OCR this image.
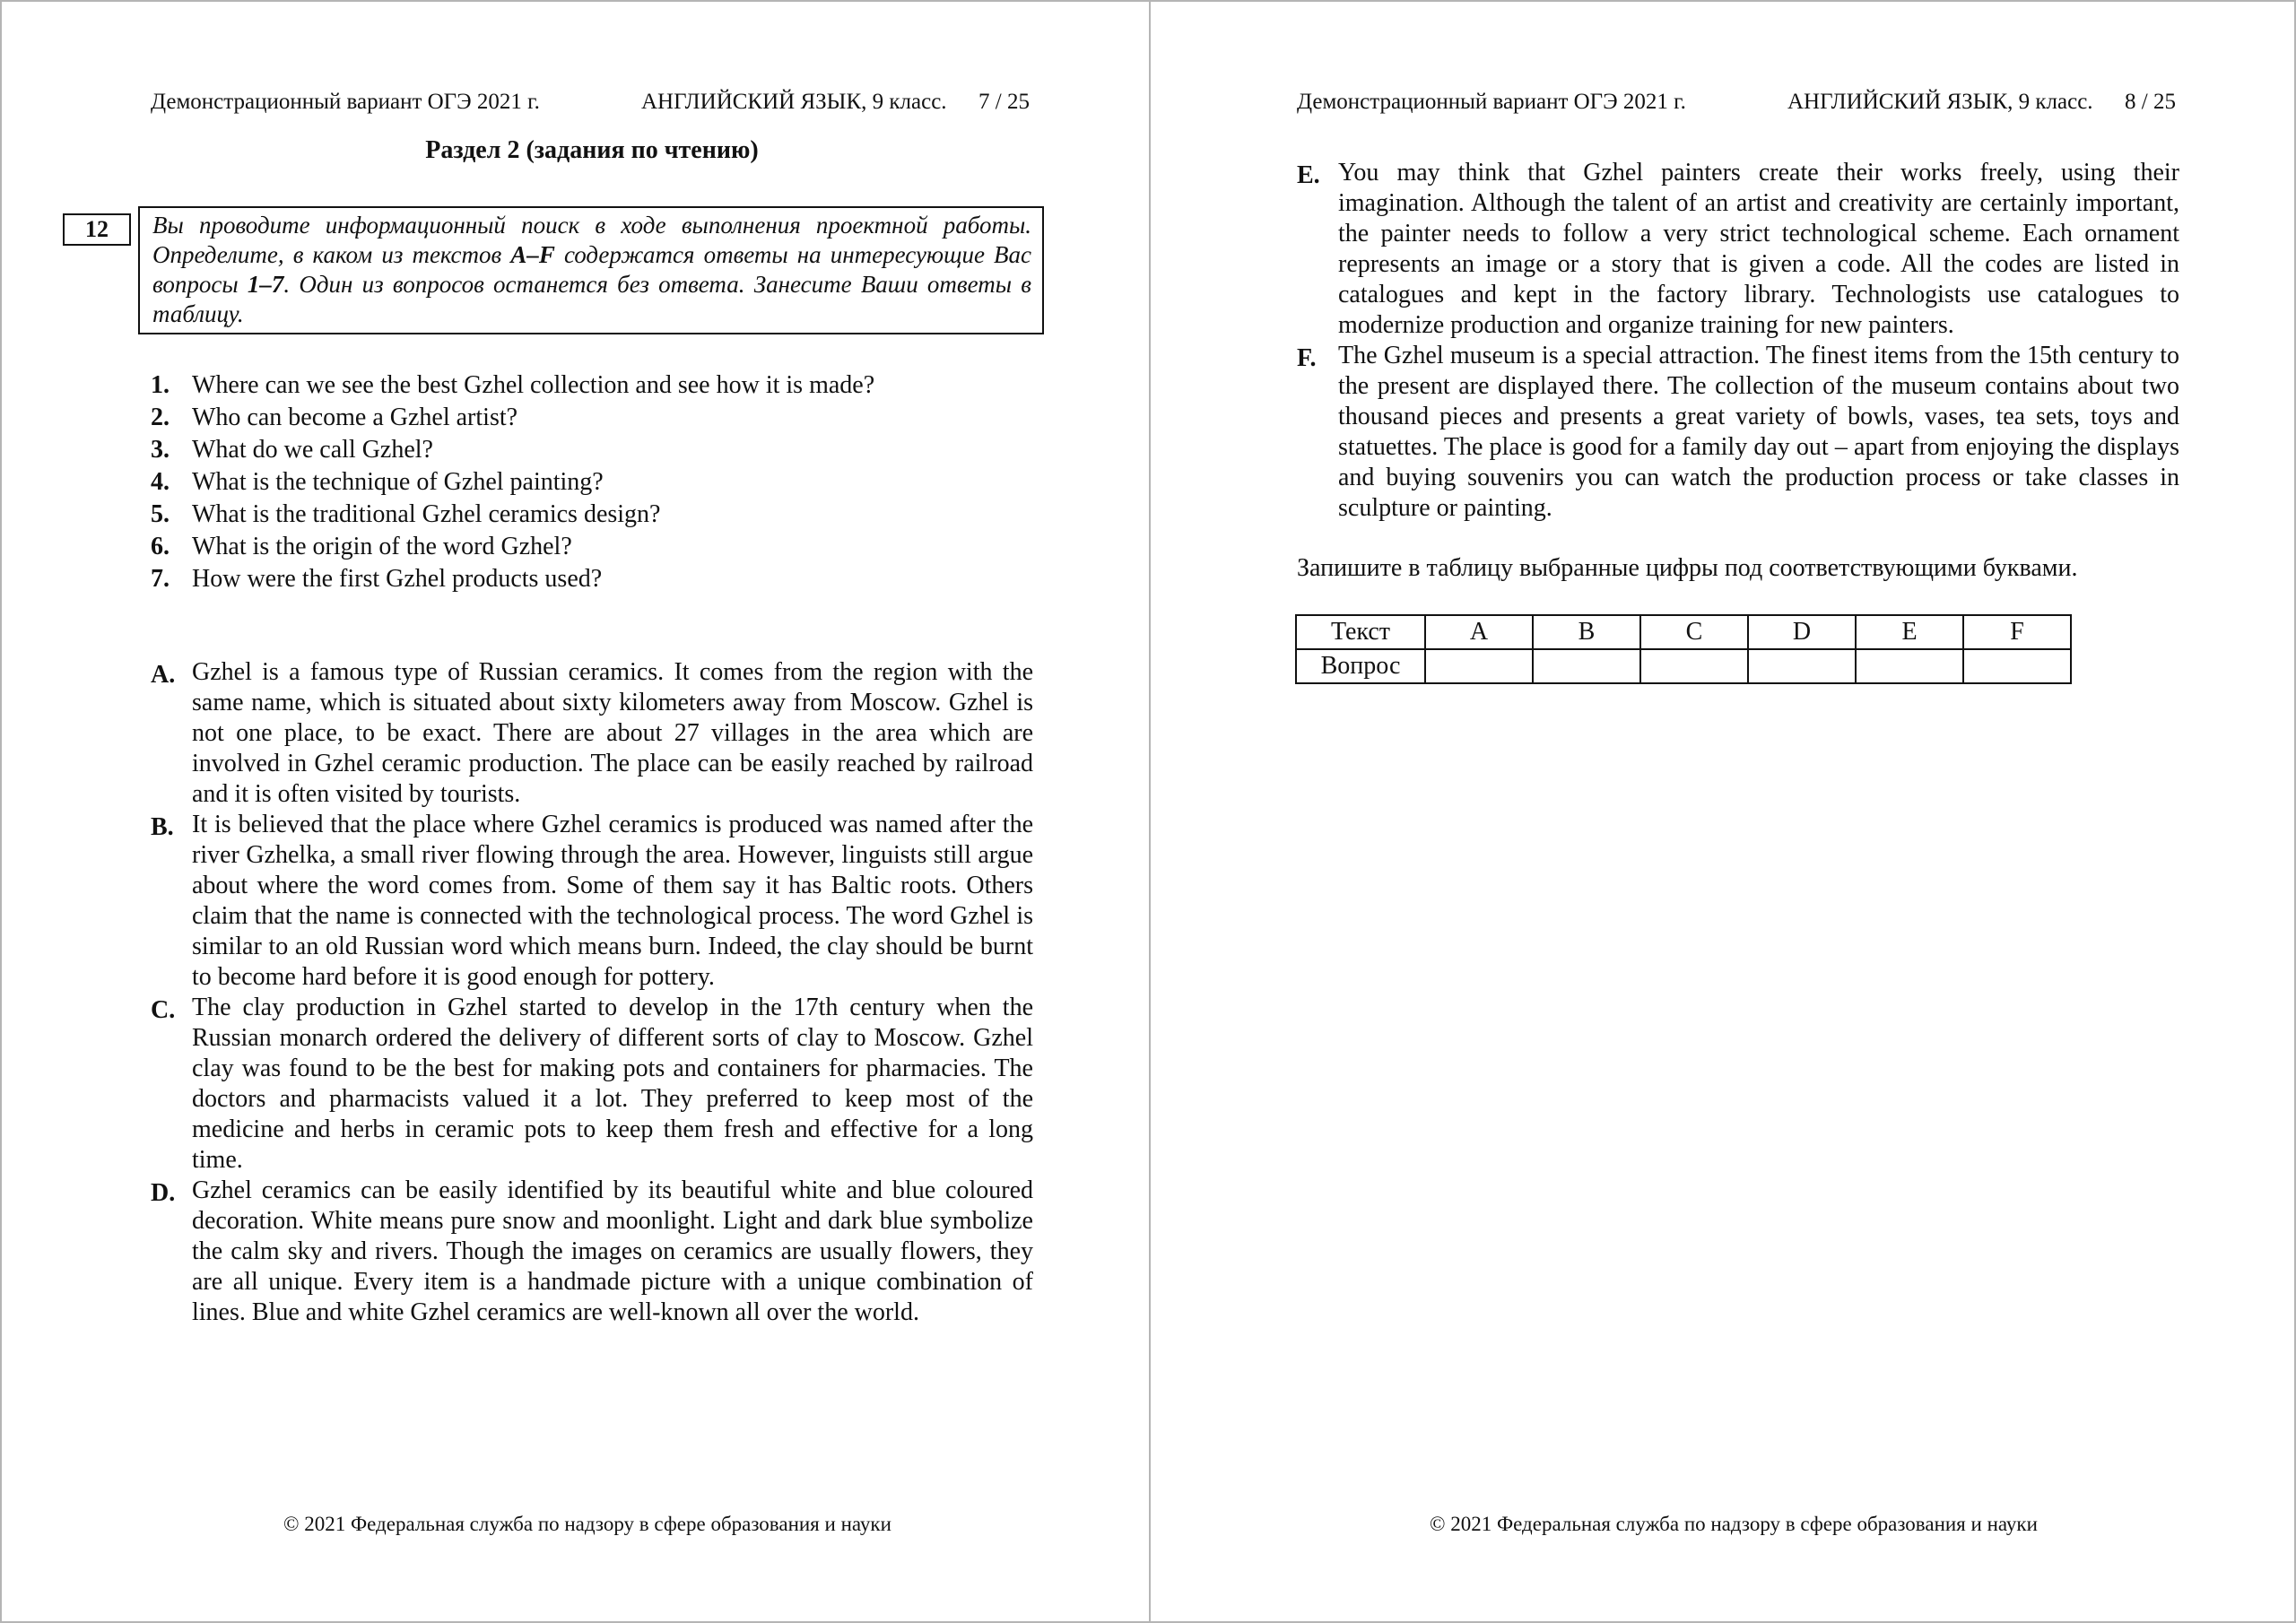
Демонстрационный вариант ОГЭ 2021 г.	АНГЛИЙСКИЙ ЯЗЫК, 9 класс. 7 / 25
Раздел 2 (задания по чтению)
12	Вы проводите информационный поиск в ходе выполнения проектной работы. Определите, в каком из текстов A–F содержатся ответы на интересующие Вас вопросы 1–7. Один из вопросов останется без ответа. Занесите Ваши ответы в таблицу.
1. Where can we see the best Gzhel collection and see how it is made?
2. Who can become a Gzhel artist?
3. What do we call Gzhel?
4. What is the technique of Gzhel painting?
5. What is the traditional Gzhel ceramics design?
6. What is the origin of the word Gzhel?
7. How were the first Gzhel products used?
A. Gzhel is a famous type of Russian ceramics. It comes from the region with the same name, which is situated about sixty kilometers away from Moscow. Gzhel is not one place, to be exact. There are about 27 villages in the area which are involved in Gzhel ceramic production. The place can be easily reached by railroad and it is often visited by tourists.
B. It is believed that the place where Gzhel ceramics is produced was named after the river Gzhelka, a small river flowing through the area. However, linguists still argue about where the word comes from. Some of them say it has Baltic roots. Others claim that the name is connected with the technological process. The word Gzhel is similar to an old Russian word which means burn. Indeed, the clay should be burnt to become hard before it is good enough for pottery.
C. The clay production in Gzhel started to develop in the 17th century when the Russian monarch ordered the delivery of different sorts of clay to Moscow. Gzhel clay was found to be the best for making pots and containers for pharmacies. The doctors and pharmacists valued it a lot. They preferred to keep most of the medicine and herbs in ceramic pots to keep them fresh and effective for a long time.
D. Gzhel ceramics can be easily identified by its beautiful white and blue coloured decoration. White means pure snow and moonlight. Light and dark blue symbolize the calm sky and rivers. Though the images on ceramics are usually flowers, they are all unique. Every item is a handmade picture with a unique combination of lines. Blue and white Gzhel ceramics are well-known all over the world.
© 2021 Федеральная служба по надзору в сфере образования и науки
Демонстрационный вариант ОГЭ 2021 г.	АНГЛИЙСКИЙ ЯЗЫК, 9 класс. 8 / 25
E. You may think that Gzhel painters create their works freely, using their imagination. Although the talent of an artist and creativity are certainly important, the painter needs to follow a very strict technological scheme. Each ornament represents an image or a story that is given a code. All the codes are listed in catalogues and kept in the factory library. Technologists use catalogues to modernize production and organize training for new painters.
F. The Gzhel museum is a special attraction. The finest items from the 15th century to the present are displayed there. The collection of the museum contains about two thousand pieces and presents a great variety of bowls, vases, tea sets, toys and statuettes. The place is good for a family day out – apart from enjoying the displays and buying souvenirs you can watch the production process or take classes in sculpture or painting.
Запишите в таблицу выбранные цифры под соответствующими буквами.
Текст	A	B	C	D	E	F
Вопрос						
© 2021 Федеральная служба по надзору в сфере образования и науки
